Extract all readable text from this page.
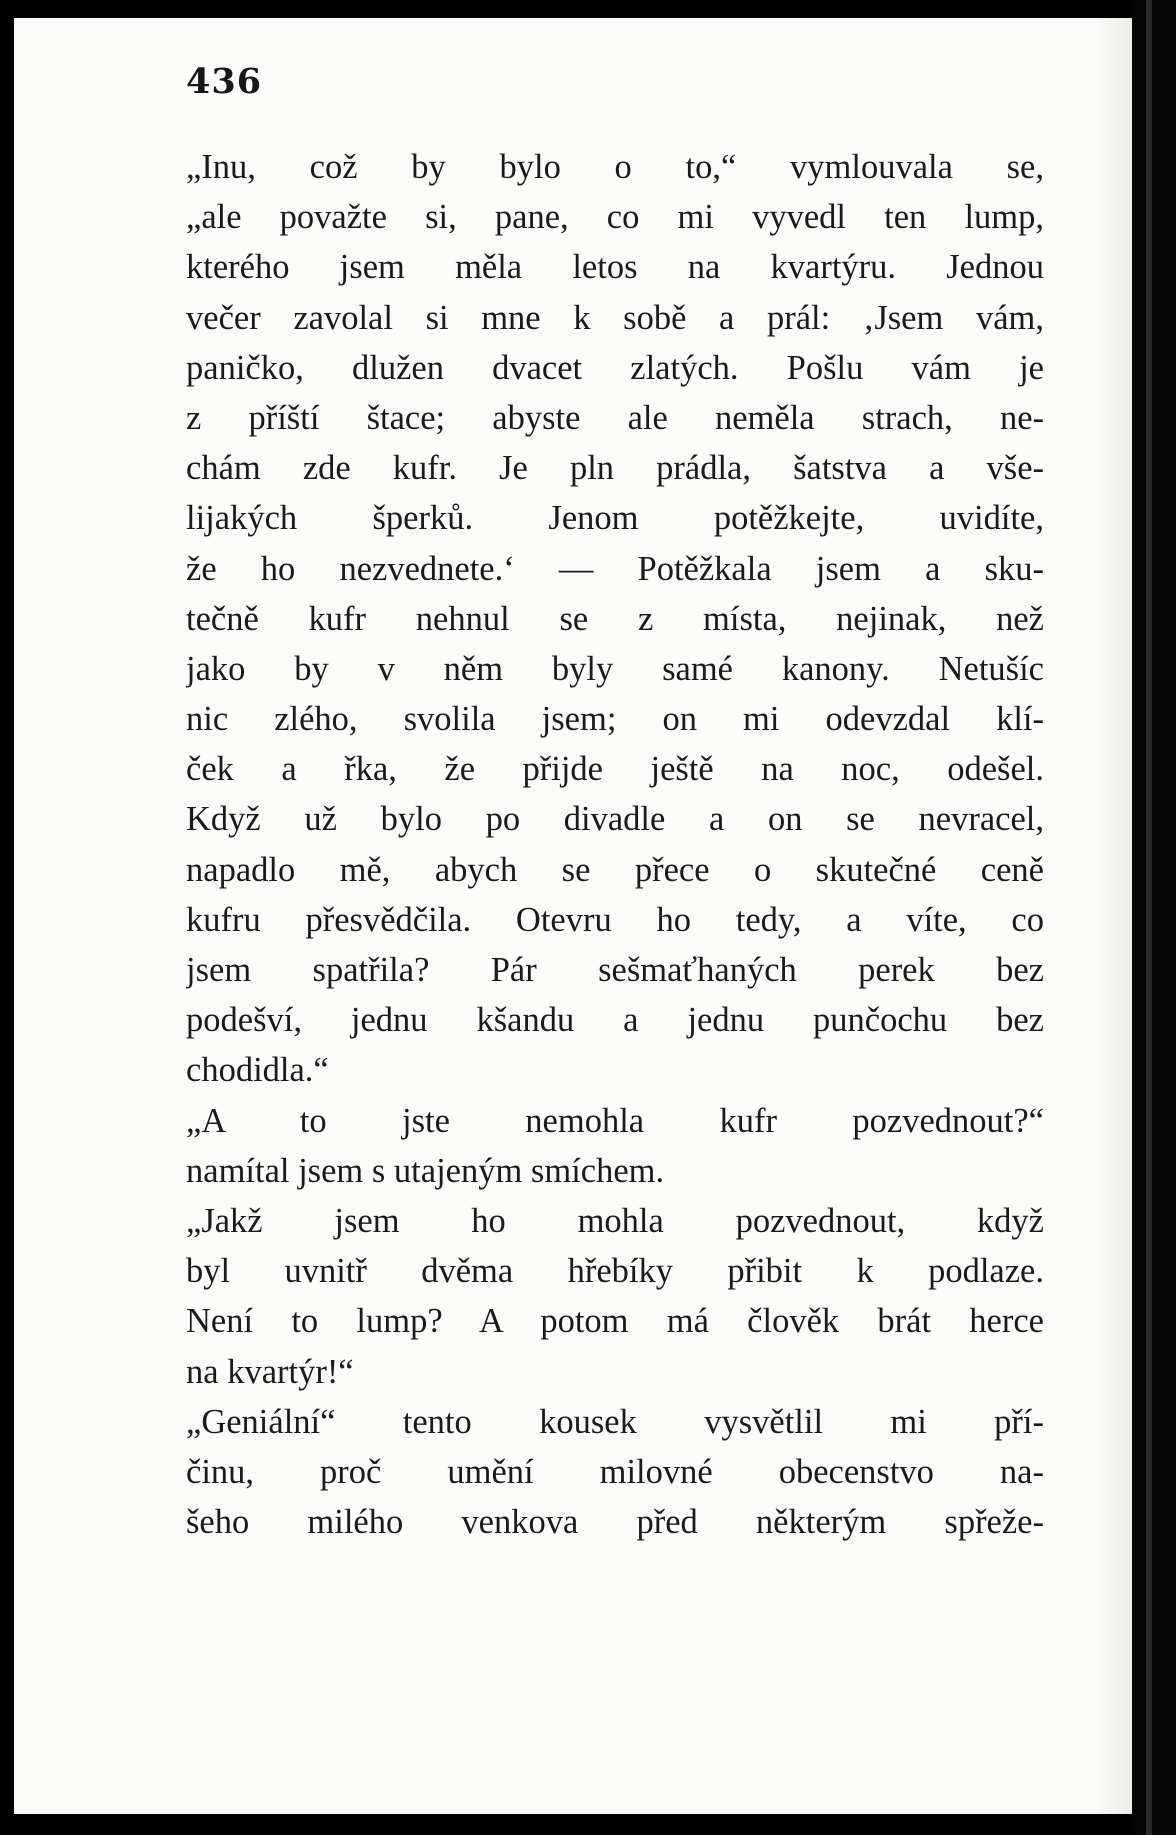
436
„Inu, což by bylo o to,“ vymlouvala se,
„ale považte si, pane, co mi vyvedl ten lump,
kterého jsem měla letos na kvartýru. Jednou
večer zavolal si mne k sobě a prál: ‚Jsem vám,
paničko, dlužen dvacet zlatých. Pošlu vám je
z příští štace; abyste ale neměla strach, ne-
chám zde kufr. Je pln prádla, šatstva a vše-
lijakých šperků. Jenom potěžkejte, uvidíte,
že ho nezvednete.‘ — Potěžkala jsem a sku-
tečně kufr nehnul se z místa, nejinak, než
jako by v něm byly samé kanony. Netušíc
nic zlého, svolila jsem; on mi odevzdal klí-
ček a řka, že přijde ještě na noc, odešel.
Když už bylo po divadle a on se nevracel,
napadlo mě, abych se přece o skutečné ceně
kufru přesvědčila. Otevru ho tedy, a víte, co
jsem spatřila? Pár sešmaťhaných perek bez
podešví, jednu kšandu a jednu punčochu bez
chodidla.“
„A to jste nemohla kufr pozvednout?“
namítal jsem s utajeným smíchem.
„Jakž jsem ho mohla pozvednout, když
byl uvnitř dvěma hřebíky přibit k podlaze.
Není to lump? A potom má člověk brát herce
na kvartýr!“
„Geniální“ tento kousek vysvětlil mi pří-
činu, proč umění milovné obecenstvo na-
šeho milého venkova před některým spřeže-
